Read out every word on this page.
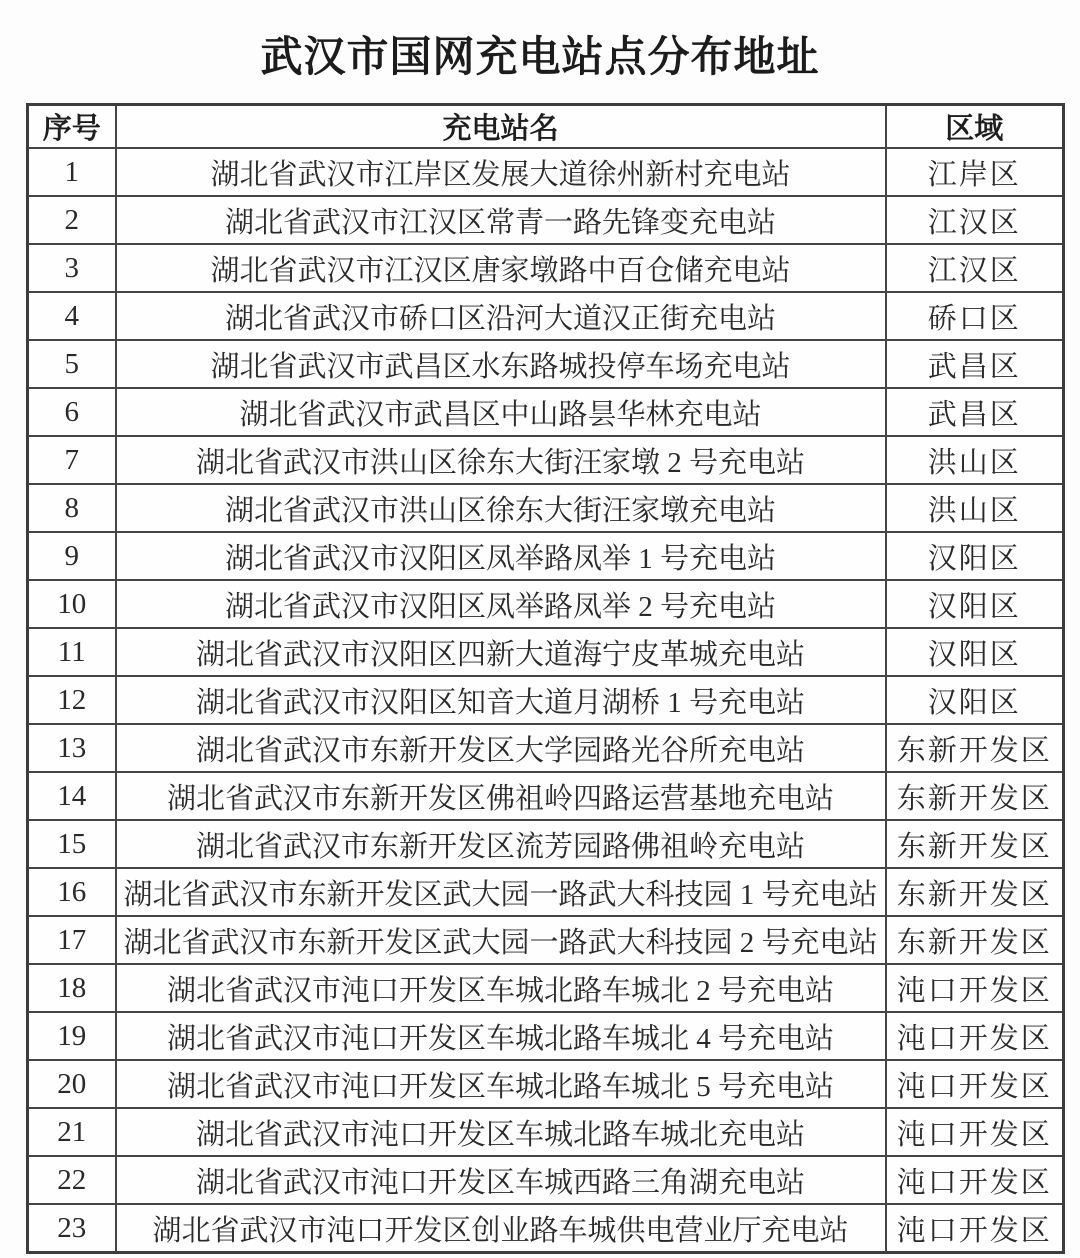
武汉市国网充电站点分布地址
序号	充电站名	区域
1	湖北省武汉市江岸区发展大道徐州新村充电站	江岸区
2	湖北省武汉市江汉区常青一路先锋变充电站	江汉区
3	湖北省武汉市江汉区唐家墩路中百仓储充电站	江汉区
4	湖北省武汉市硚口区沿河大道汉正街充电站	硚口区
5	湖北省武汉市武昌区水东路城投停车场充电站	武昌区
6	湖北省武汉市武昌区中山路昙华林充电站	武昌区
7	湖北省武汉市洪山区徐东大街汪家墩 2 号充电站	洪山区
8	湖北省武汉市洪山区徐东大街汪家墩充电站	洪山区
9	湖北省武汉市汉阳区凤举路凤举 1 号充电站	汉阳区
10	湖北省武汉市汉阳区凤举路凤举 2 号充电站	汉阳区
11	湖北省武汉市汉阳区四新大道海宁皮革城充电站	汉阳区
12	湖北省武汉市汉阳区知音大道月湖桥 1 号充电站	汉阳区
13	湖北省武汉市东新开发区大学园路光谷所充电站	东新开发区
14	湖北省武汉市东新开发区佛祖岭四路运营基地充电站	东新开发区
15	湖北省武汉市东新开发区流芳园路佛祖岭充电站	东新开发区
16	湖北省武汉市东新开发区武大园一路武大科技园 1 号充电站	东新开发区
17	湖北省武汉市东新开发区武大园一路武大科技园 2 号充电站	东新开发区
18	湖北省武汉市沌口开发区车城北路车城北 2 号充电站	沌口开发区
19	湖北省武汉市沌口开发区车城北路车城北 4 号充电站	沌口开发区
20	湖北省武汉市沌口开发区车城北路车城北 5 号充电站	沌口开发区
21	湖北省武汉市沌口开发区车城北路车城北充电站	沌口开发区
22	湖北省武汉市沌口开发区车城西路三角湖充电站	沌口开发区
23	湖北省武汉市沌口开发区创业路车城供电营业厅充电站	沌口开发区
